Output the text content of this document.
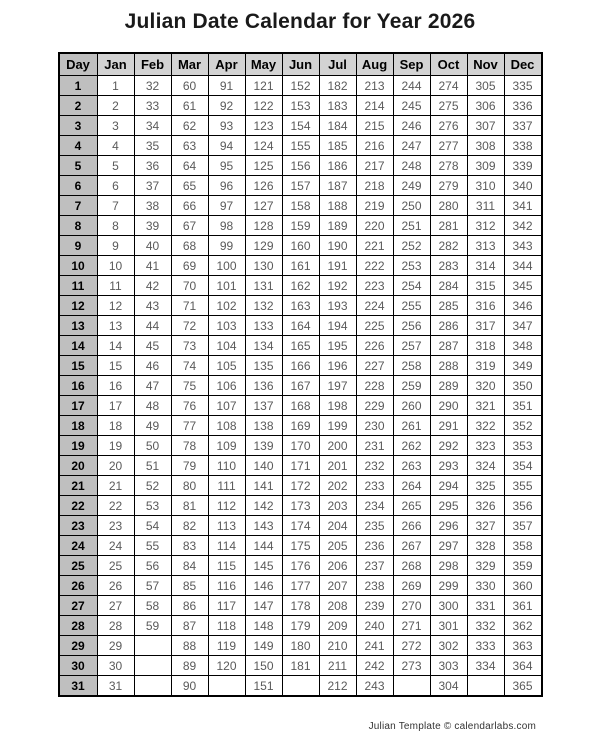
Julian Date Calendar for Year 2026
Day	Jan	Feb	Mar	Apr	May	Jun	Jul	Aug	Sep	Oct	Nov	Dec
1	1	32	60	91	121	152	182	213	244	274	305	335
2	2	33	61	92	122	153	183	214	245	275	306	336
3	3	34	62	93	123	154	184	215	246	276	307	337
4	4	35	63	94	124	155	185	216	247	277	308	338
5	5	36	64	95	125	156	186	217	248	278	309	339
6	6	37	65	96	126	157	187	218	249	279	310	340
7	7	38	66	97	127	158	188	219	250	280	311	341
8	8	39	67	98	128	159	189	220	251	281	312	342
9	9	40	68	99	129	160	190	221	252	282	313	343
10	10	41	69	100	130	161	191	222	253	283	314	344
11	11	42	70	101	131	162	192	223	254	284	315	345
12	12	43	71	102	132	163	193	224	255	285	316	346
13	13	44	72	103	133	164	194	225	256	286	317	347
14	14	45	73	104	134	165	195	226	257	287	318	348
15	15	46	74	105	135	166	196	227	258	288	319	349
16	16	47	75	106	136	167	197	228	259	289	320	350
17	17	48	76	107	137	168	198	229	260	290	321	351
18	18	49	77	108	138	169	199	230	261	291	322	352
19	19	50	78	109	139	170	200	231	262	292	323	353
20	20	51	79	110	140	171	201	232	263	293	324	354
21	21	52	80	111	141	172	202	233	264	294	325	355
22	22	53	81	112	142	173	203	234	265	295	326	356
23	23	54	82	113	143	174	204	235	266	296	327	357
24	24	55	83	114	144	175	205	236	267	297	328	358
25	25	56	84	115	145	176	206	237	268	298	329	359
26	26	57	85	116	146	177	207	238	269	299	330	360
27	27	58	86	117	147	178	208	239	270	300	331	361
28	28	59	87	118	148	179	209	240	271	301	332	362
29	29		88	119	149	180	210	241	272	302	333	363
30	30		89	120	150	181	211	242	273	303	334	364
31	31		90		151		212	243		304		365
Julian Template © calendarlabs.com
